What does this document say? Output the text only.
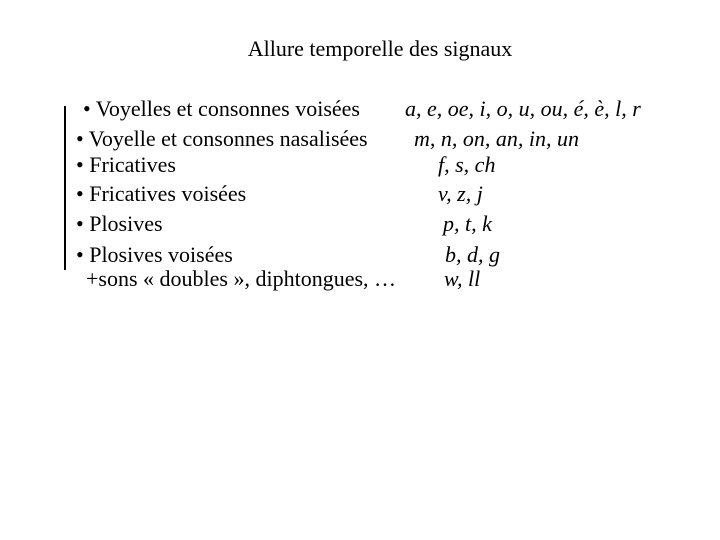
Allure temporelle des signaux
• Voyelles et consonnes voisées a, e, oe, i, o, u, ou, é, è, l, r
• Voyelle et consonnes nasalisées m, n, on, an, in, un
• Fricatives	f, s, ch
• Fricatives voisées	v, z, j
• Plosives	p, t, k
• Plosives voisées	b, d, g
+sons « doubles », diphtongues, … w, ll
